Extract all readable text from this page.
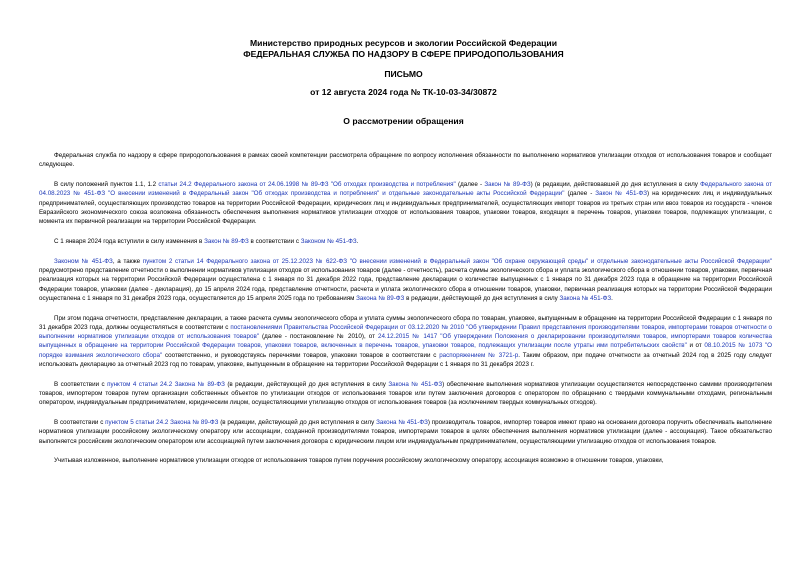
Министерство природных ресурсов и экологии Российской Федерации
ФЕДЕРАЛЬНАЯ СЛУЖБА ПО НАДЗОРУ В СФЕРЕ ПРИРОДОПОЛЬЗОВАНИЯ
ПИСЬМО
от 12 августа 2024 года № ТК-10-03-34/30872
О рассмотрении обращения

Федеральная служба по надзору в сфере природопользования в рамках своей компетенции рассмотрела обращение по вопросу исполнения обязанности по выполнению нормативов утилизации отходов от использования товаров и сообщает следующее.

В силу положений пунктов 1.1, 1.2 статьи 24.2 Федерального закона от 24.06.1998 № 89-ФЗ "Об отходах производства и потребления" (далее - Закон № 89-ФЗ) (в редакции, действовавшей до дня вступления в силу Федерального закона от 04.08.2023 № 451-ФЗ "О внесении изменений в Федеральный закон "Об отходах производства и потребления" и отдельные законодательные акты Российской Федерации" (далее - Закон № 451-ФЗ) на юридических лиц и индивидуальных предпринимателей, осуществляющих производство товаров на территории Российской Федерации, юридических лиц и индивидуальных предпринимателей, осуществляющих импорт товаров из третьих стран или ввоз товаров из государств - членов Евразийского экономического союза возложена обязанность обеспечения выполнения нормативов утилизации отходов от использования товаров, упаковки товаров, входящих в перечень товаров, упаковки товаров, подлежащих утилизации, с момента их первичной реализации на территории Российской Федерации.

С 1 января 2024 года вступили в силу изменения в Закон № 89-ФЗ в соответствии с Законом № 451-ФЗ.

Законом № 451-ФЗ, а также пунктом 2 статьи 14 Федерального закона от 25.12.2023 № 622-ФЗ "О внесении изменений в Федеральный закон "Об охране окружающей среды" и отдельные законодательные акты Российской Федерации" предусмотрено представление отчетности о выполнении нормативов утилизации отходов от использования товаров (далее - отчетность), расчета суммы экологического сбора и уплата экологического сбора в отношении товаров, упаковки, первичная реализация которых на территории Российской Федерации осуществлена с 1 января по 31 декабря 2022 года, представление декларации о количестве выпущенных с 1 января по 31 декабря 2023 года в обращение на территории Российской Федерации товаров, упаковки (далее - декларация), до 15 апреля 2024 года, представление отчетности, расчета и уплата экологического сбора в отношении товаров, упаковки, первичная реализация которых на территории Российской Федерации осуществлена с 1 января по 31 декабря 2023 года, осуществляется до 15 апреля 2025 года по требованиям Закона № 89-ФЗ в редакции, действующей до дня вступления в силу Закона № 451-ФЗ.

При этом подача отчетности, представление декларации, а также расчета суммы экологического сбора и уплата суммы экологического сбора по товарам, упаковке, выпущенным в обращение на территории Российской Федерации с 1 января по 31 декабря 2023 года, должны осуществляться в соответствии с постановлениями Правительства Российской Федерации от 03.12.2020 № 2010 "Об утверждении Правил представления производителями товаров, импортерами товаров отчетности о выполнении нормативов утилизации отходов от использования товаров" (далее - постановление № 2010), от 24.12.2015 № 1417 "Об утверждении Положения о декларировании производителями товаров, импортерами товаров количества выпущенных в обращение на территории Российской Федерации товаров, упаковки товаров, включенных в перечень товаров, упаковки товаров, подлежащих утилизации после утраты ими потребительских свойств" и от 08.10.2015 № 1073 "О порядке взимания экологического сбора" соответственно, и руководствуясь перечнями товаров, упаковки товаров в соответствии с распоряжением № 3721-р. Таким образом, при подаче отчетности за отчетный 2024 год в 2025 году следует использовать декларацию за отчетный 2023 год по товарам, упаковке, выпущенным в обращение на территории Российской Федерации с 1 января по 31 декабря 2023 г.

В соответствии с пунктом 4 статьи 24.2 Закона № 89-ФЗ (в редакции, действующей до дня вступления в силу Закона № 451-ФЗ) обеспечение выполнения нормативов утилизации осуществляется непосредственно самими производителем товаров, импортером товаров путем организации собственных объектов по утилизации отходов от использования товаров или путем заключения договоров с оператором по обращению с твердыми коммунальными отходами, региональным оператором, индивидуальным предпринимателем, юридическим лицом, осуществляющими утилизацию отходов от использования товаров (за исключением твердых коммунальных отходов).

В соответствии с пунктом 5 статьи 24.2 Закона № 89-ФЗ (в редакции, действующей до дня вступления в силу Закона № 451-ФЗ) производитель товаров, импортер товаров имеют право на основании договора поручить обеспечивать выполнение нормативов утилизации российскому экологическому оператору или ассоциации, созданной производителями товаров, импортерами товаров в целях обеспечения выполнения нормативов утилизации (далее - ассоциация). Такое обязательство выполняется российским экологическим оператором или ассоциацией путем заключения договора с юридическим лицом или индивидуальным предпринимателем, осуществляющими утилизацию отходов от использования товаров.

Учитывая изложенное, выполнение нормативов утилизации отходов от использования товаров путем поручения российскому экологическому оператору, ассоциация возможно в отношении товаров, упаковки,
